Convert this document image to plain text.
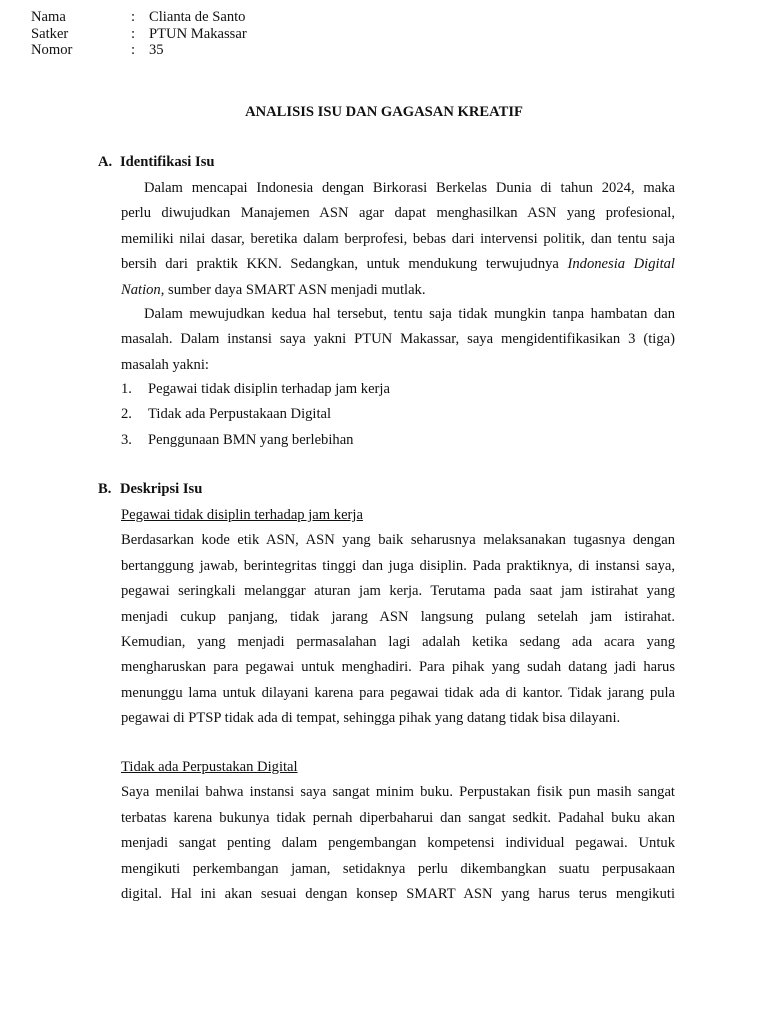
Nama	: Clianta de Santo
Satker	: PTUN Makassar
Nomor	: 35
ANALISIS ISU DAN GAGASAN KREATIF
A. Identifikasi Isu
Dalam mencapai Indonesia dengan Birkorasi Berkelas Dunia di tahun 2024, maka
perlu diwujudkan Manajemen ASN agar dapat menghasilkan ASN yang profesional,
memiliki nilai dasar, beretika dalam berprofesi, bebas dari intervensi politik, dan tentu saja
bersih dari praktik KKN. Sedangkan, untuk mendukung terwujudnya Indonesia Digital
Nation, sumber daya SMART ASN menjadi mutlak.
Dalam mewujudkan kedua hal tersebut, tentu saja tidak mungkin tanpa hambatan dan
masalah. Dalam instansi saya yakni PTUN Makassar, saya mengidentifikasikan 3 (tiga)
masalah yakni:
1.	Pegawai tidak disiplin terhadap jam kerja
2.	Tidak ada Perpustakaan Digital
3.	Penggunaan BMN yang berlebihan
B. Deskripsi Isu
Pegawai tidak disiplin terhadap jam kerja
Berdasarkan kode etik ASN, ASN yang baik seharusnya melaksanakan tugasnya dengan
bertanggung jawab, berintegritas tinggi dan juga disiplin. Pada praktiknya, di instansi saya,
pegawai seringkali melanggar aturan jam kerja. Terutama pada saat jam istirahat yang
menjadi cukup panjang, tidak jarang ASN langsung pulang setelah jam istirahat.
Kemudian, yang menjadi permasalahan lagi adalah ketika sedang ada acara yang
mengharuskan para pegawai untuk menghadiri. Para pihak yang sudah datang jadi harus
menunggu lama untuk dilayani karena para pegawai tidak ada di kantor. Tidak jarang pula
pegawai di PTSP tidak ada di tempat, sehingga pihak yang datang tidak bisa dilayani.
Tidak ada Perpustakan Digital
Saya menilai bahwa instansi saya sangat minim buku. Perpustakan fisik pun masih sangat
terbatas karena bukunya tidak pernah diperbaharui dan sangat sedkit. Padahal buku akan
menjadi sangat penting dalam pengembangan kompetensi individual pegawai. Untuk
mengikuti perkembangan jaman, setidaknya perlu dikembangkan suatu perpusakaan
digital. Hal ini akan sesuai dengan konsep SMART ASN yang harus terus mengikuti
